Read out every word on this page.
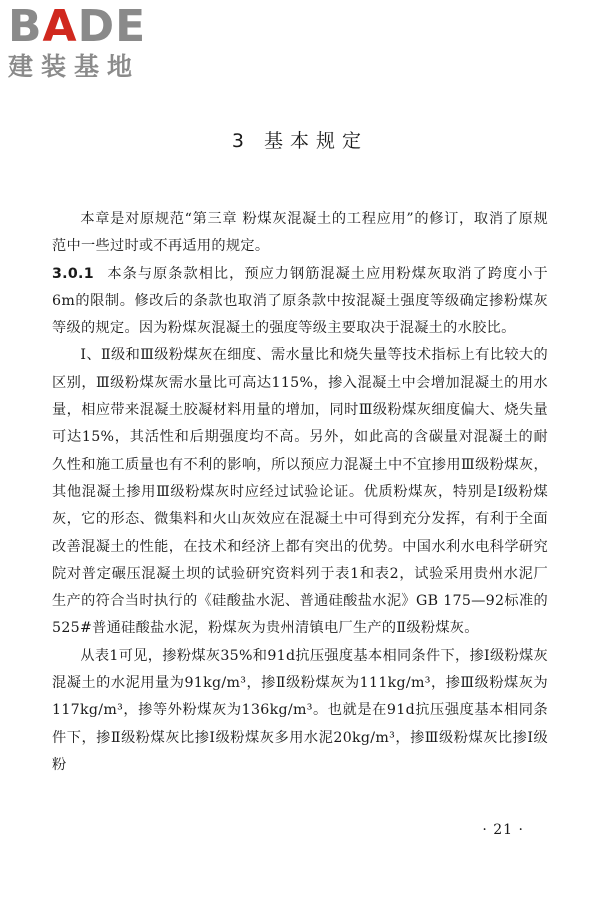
B A D E
建装基地
3 基本规定

本章是对原规范“第三章 粉煤灰混凝土的工程应用”的修订，取消了原规范中一些过时或不再适用的规定。

3.0.1 本条与原条款相比，预应力钢筋混凝土应用粉煤灰取消了跨度小于6m的限制。修改后的条款也取消了原条款中按混凝土强度等级确定掺粉煤灰等级的规定。因为粉煤灰混凝土的强度等级主要取决于混凝土的水胶比。

Ⅰ、Ⅱ级和Ⅲ级粉煤灰在细度、需水量比和烧失量等技术指标上有比较大的区别，Ⅲ级粉煤灰需水量比可高达115%，掺入混凝土中会增加混凝土的用水量，相应带来混凝土胶凝材料用量的增加，同时Ⅲ级粉煤灰细度偏大、烧失量可达15%，其活性和后期强度均不高。另外，如此高的含碳量对混凝土的耐久性和施工质量也有不利的影响，所以预应力混凝土中不宜掺用Ⅲ级粉煤灰，其他混凝土掺用Ⅲ级粉煤灰时应经过试验论证。优质粉煤灰，特别是Ⅰ级粉煤灰，它的形态、微集料和火山灰效应在混凝土中可得到充分发挥，有利于全面改善混凝土的性能，在技术和经济上都有突出的优势。中国水利水电科学研究院对普定碾压混凝土坝的试验研究资料列于表1和表2，试验采用贵州水泥厂生产的符合当时执行的《硅酸盐水泥、普通硅酸盐水泥》GB 175—92标准的525#普通硅酸盐水泥，粉煤灰为贵州清镇电厂生产的Ⅱ级粉煤灰。

从表1可见，掺粉煤灰35%和91d抗压强度基本相同条件下，掺Ⅰ级粉煤灰混凝土的水泥用量为91kg/m³，掺Ⅱ级粉煤灰为111kg/m³，掺Ⅲ级粉煤灰为117kg/m³，掺等外粉煤灰为136kg/m³。也就是在91d抗压强度基本相同条件下，掺Ⅱ级粉煤灰比掺Ⅰ级粉煤灰多用水泥20kg/m³，掺Ⅲ级粉煤灰比掺Ⅰ级粉

· 21 ·
